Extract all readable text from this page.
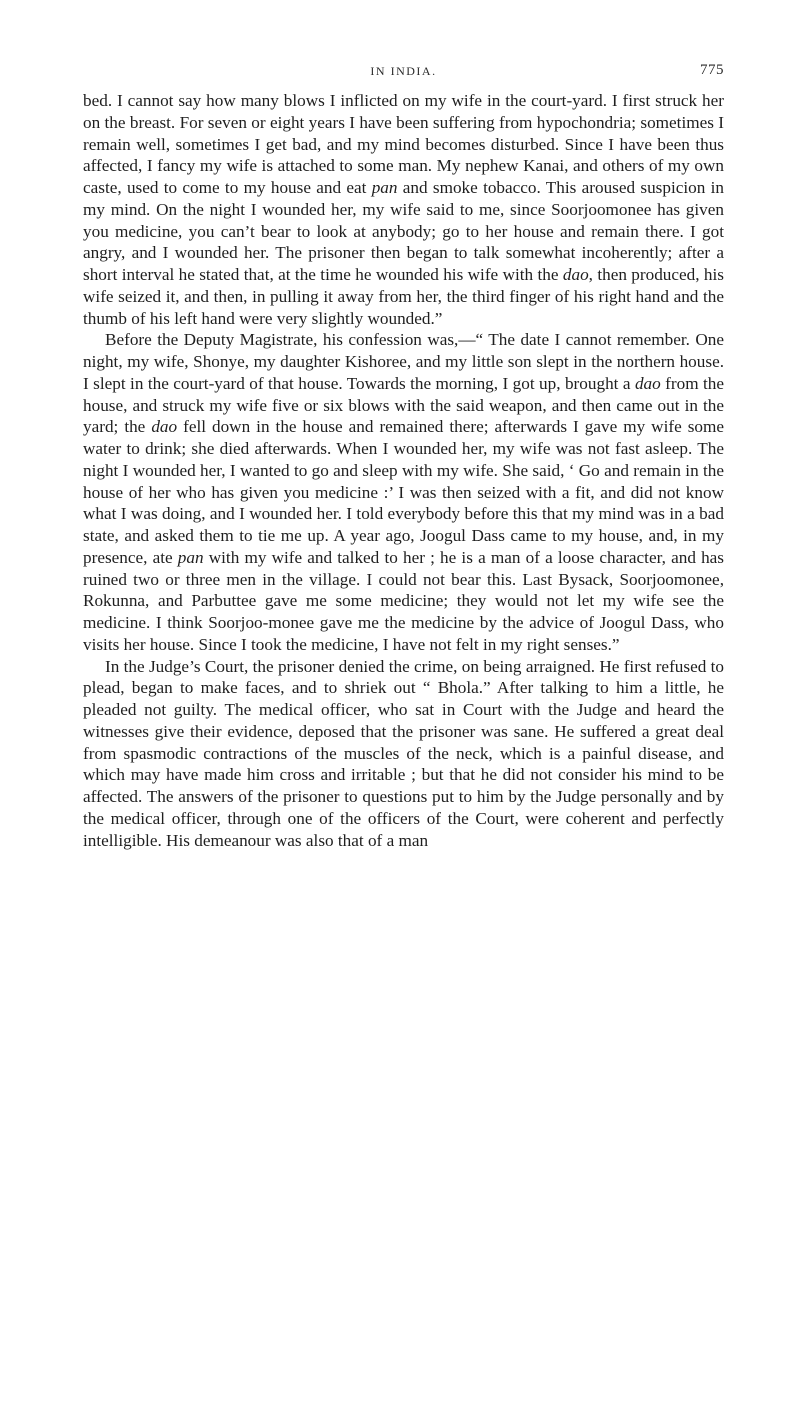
IN INDIA.	775

bed. I cannot say how many blows I inflicted on my wife in the court-yard. I first struck her on the breast. For seven or eight years I have been suffering from hypochondria; sometimes I remain well, sometimes I get bad, and my mind becomes disturbed. Since I have been thus affected, I fancy my wife is attached to some man. My nephew Kanai, and others of my own caste, used to come to my house and eat pan and smoke tobacco. This aroused suspicion in my mind. On the night I wounded her, my wife said to me, since Soorjoomonee has given you medicine, you can’t bear to look at anybody; go to her house and remain there. I got angry, and I wounded her. The prisoner then began to talk somewhat incoherently; after a short interval he stated that, at the time he wounded his wife with the dao, then produced, his wife seized it, and then, in pulling it away from her, the third finger of his right hand and the thumb of his left hand were very slightly wounded.”

Before the Deputy Magistrate, his confession was,—“ The date I cannot remember. One night, my wife, Shonye, my daughter Kishoree, and my little son slept in the northern house. I slept in the court-yard of that house. Towards the morning, I got up, brought a dao from the house, and struck my wife five or six blows with the said weapon, and then came out in the yard; the dao fell down in the house and remained there; afterwards I gave my wife some water to drink; she died afterwards. When I wounded her, my wife was not fast asleep. The night I wounded her, I wanted to go and sleep with my wife. She said, ‘ Go and remain in the house of her who has given you medicine :’ I was then seized with a fit, and did not know what I was doing, and I wounded her. I told everybody before this that my mind was in a bad state, and asked them to tie me up. A year ago, Joogul Dass came to my house, and, in my presence, ate pan with my wife and talked to her ; he is a man of a loose character, and has ruined two or three men in the village. I could not bear this. Last Bysack, Soorjoomonee, Rokunna, and Parbuttee gave me some medicine; they would not let my wife see the medicine. I think Soorjoo-monee gave me the medicine by the advice of Joogul Dass, who visits her house. Since I took the medicine, I have not felt in my right senses.”

In the Judge’s Court, the prisoner denied the crime, on being arraigned. He first refused to plead, began to make faces, and to shriek out “ Bhola.” After talking to him a little, he pleaded not guilty. The medical officer, who sat in Court with the Judge and heard the witnesses give their evidence, deposed that the prisoner was sane. He suffered a great deal from spasmodic contractions of the muscles of the neck, which is a painful disease, and which may have made him cross and irritable ; but that he did not consider his mind to be affected. The answers of the prisoner to questions put to him by the Judge personally and by the medical officer, through one of the officers of the Court, were coherent and perfectly intelligible. His demeanour was also that of a man
